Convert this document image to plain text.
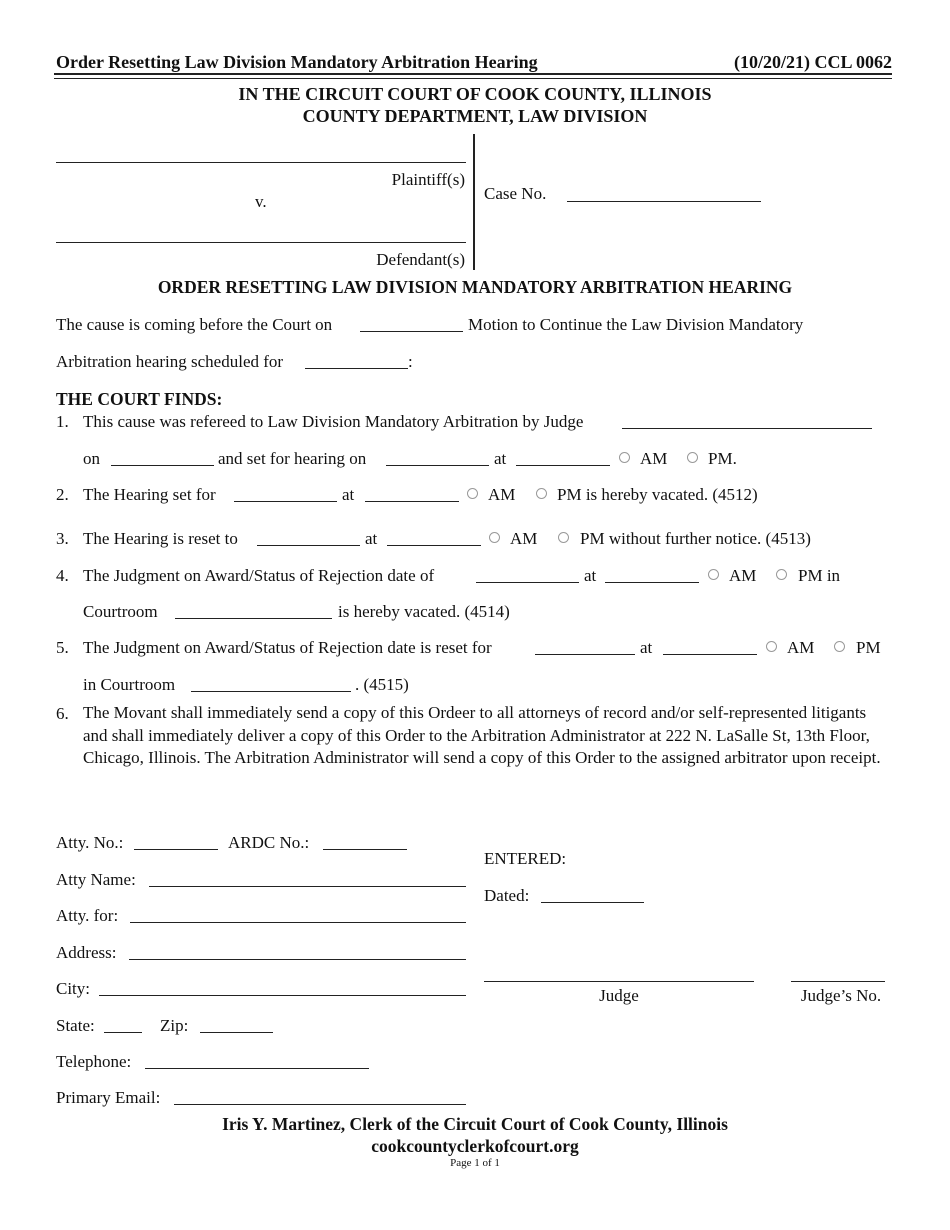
Order Resetting Law Division Mandatory Arbitration Hearing	(10/20/21) CCL 0062
IN THE CIRCUIT COURT OF COOK COUNTY, ILLINOIS
COUNTY DEPARTMENT, LAW DIVISION
Plaintiff(s)
v.
Defendant(s)
Case No.
ORDER RESETTING LAW DIVISION MANDATORY ARBITRATION HEARING
The cause is coming before the Court on	Motion to Continue the Law Division Mandatory
Arbitration hearing scheduled for	:
THE COURT FINDS:
1. This cause was refereed to Law Division Mandatory Arbitration by Judge
on	and set for hearing on	at	AM PM.
2. The Hearing set for	at	AM PM is hereby vacated. (4512)
3. The Hearing is reset to	at	AM	PM without further notice. (4513)
4. The Judgment on Award/Status of Rejection date of	at	AM PM in
Courtroom	is hereby vacated. (4514)
5. The Judgment on Award/Status of Rejection date is reset for	at	AM PM
in Courtroom	. (4515)
6. The Movant shall immediately send a copy of this Ordeer to all attorneys of record and/or self-represented litigants and shall immediately deliver a copy of this Order to the Arbitration Administrator at 222 N. LaSalle St, 13th Floor, Chicago, Illinois. The Arbitration Administrator will send a copy of this Order to the assigned arbitrator upon receipt.
Atty. No.:	ARDC No.:
Atty Name:
Atty. for:
Address:
City:
State:	Zip:
Telephone:
Primary Email:
ENTERED:
Dated:
Judge	Judge’s No.
Iris Y. Martinez, Clerk of the Circuit Court of Cook County, Illinois
cookcountyclerkofcourt.org
Page 1 of 1
